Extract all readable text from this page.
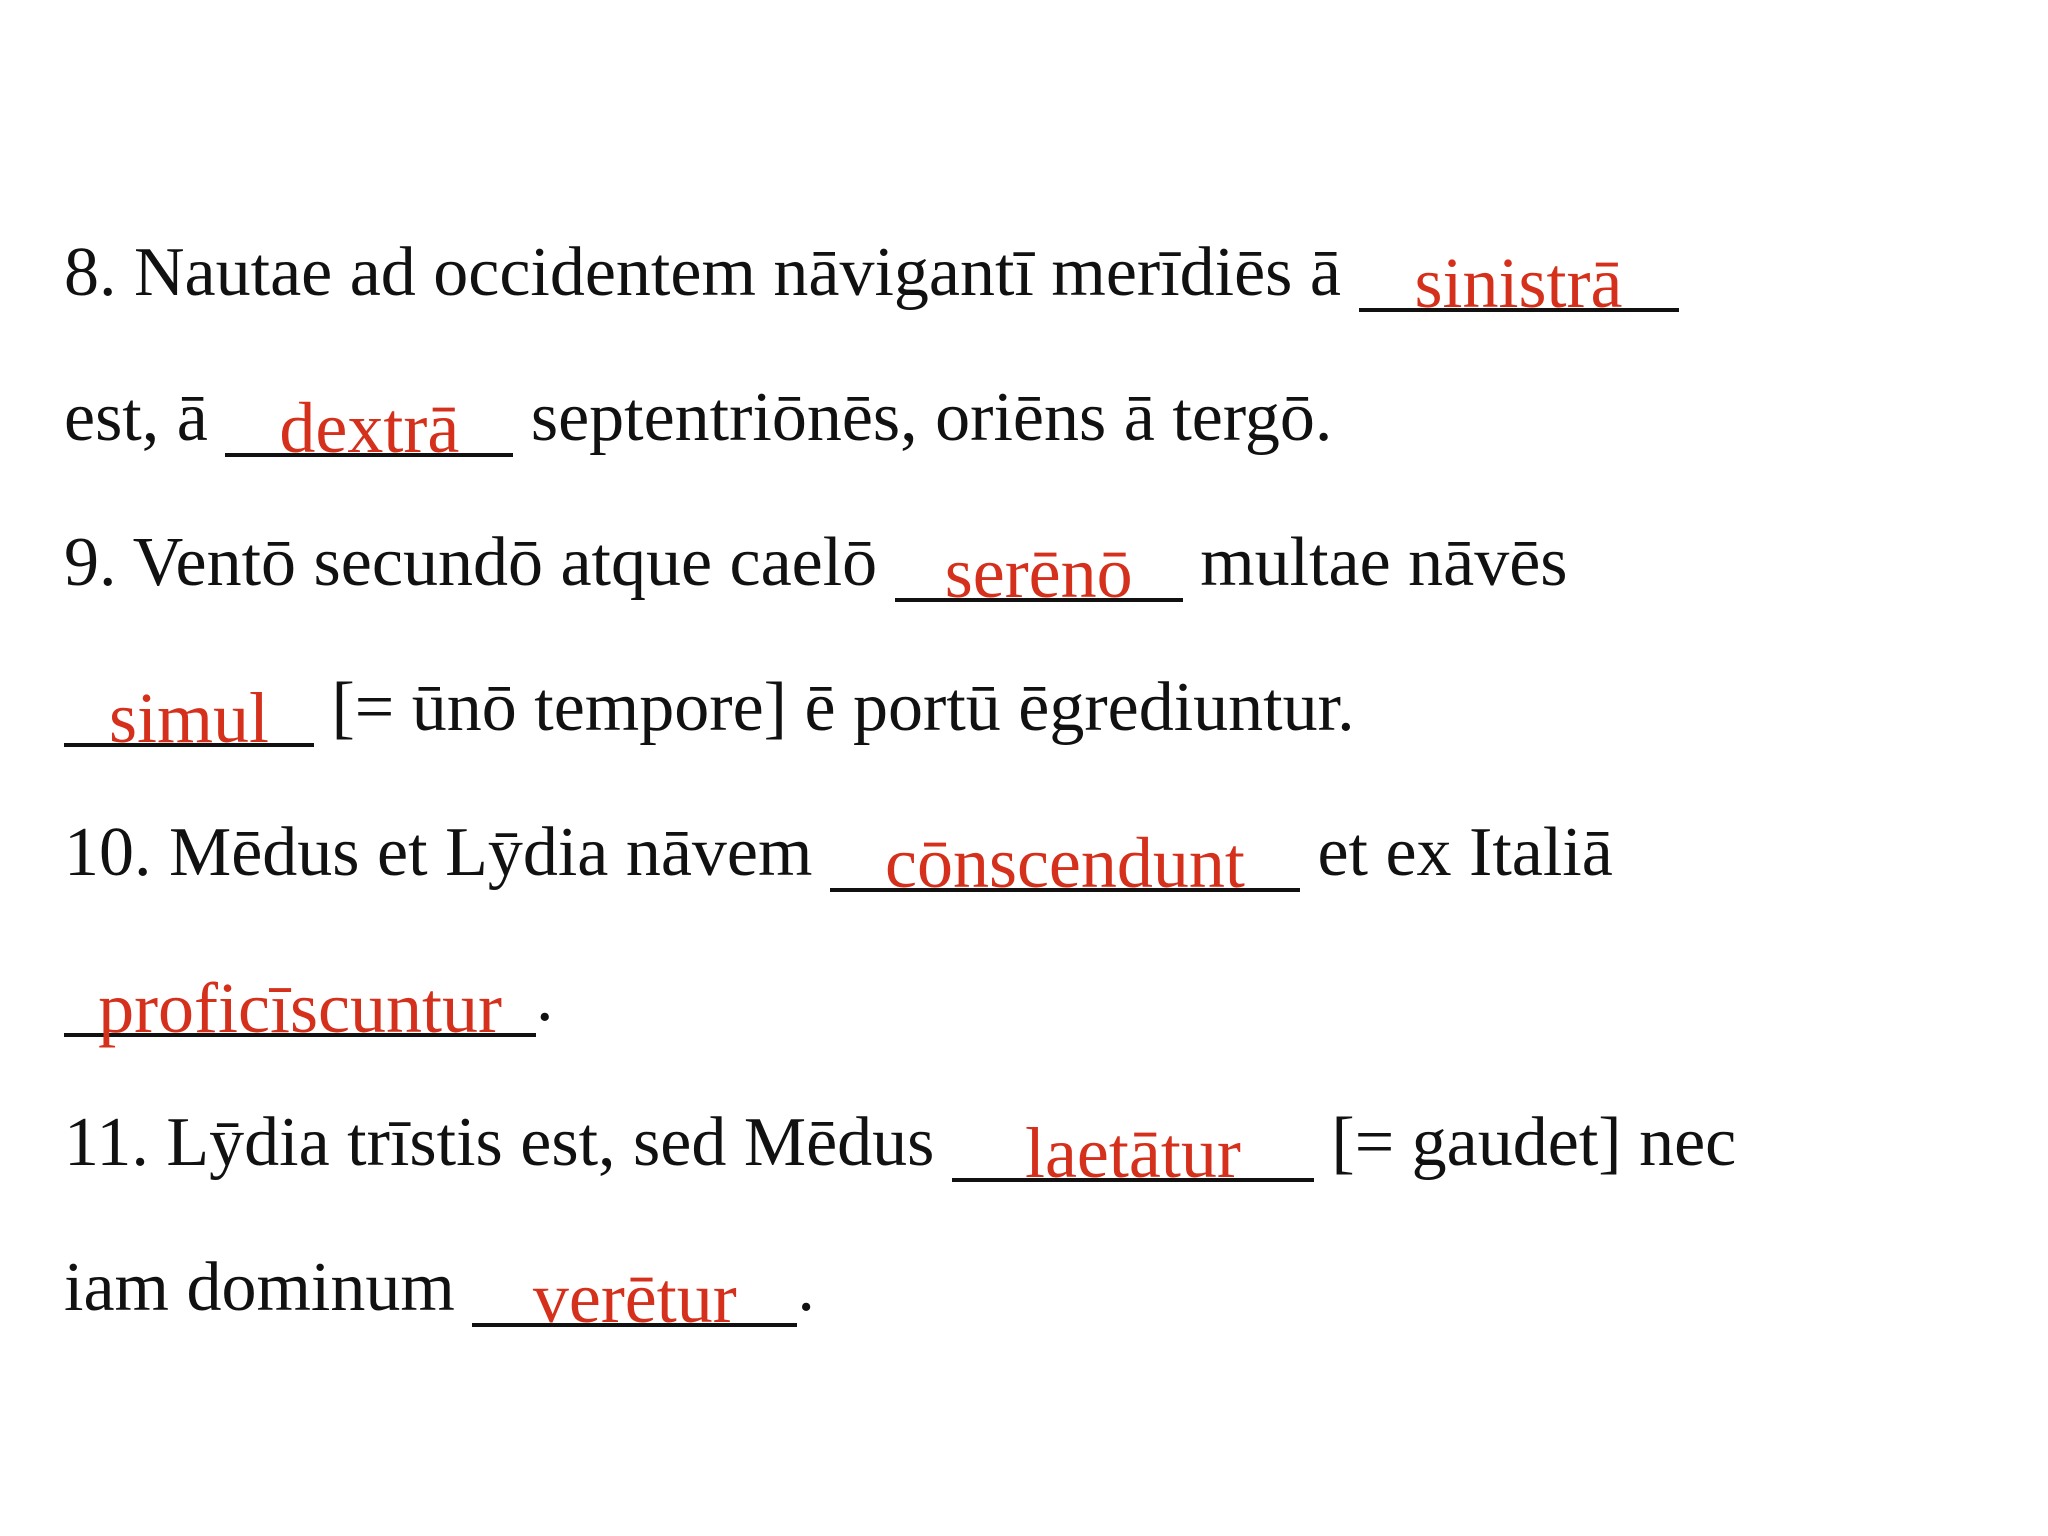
8. Nautae ad occidentem nāvigantī merīdiēs ā sinistrā
est, ā dextrā septentriōnēs, oriēns ā tergō.
9. Ventō secundō atque caelō serēnō multae nāvēs
simul [= ūnō tempore] ē portū ēgrediuntur.
10. Mēdus et Lȳdia nāvem cōnscendunt et ex Italiā
proficīscuntur .
11. Lȳdia trīstis est, sed Mēdus laetātur [= gaudet] nec
iam dominum verētur .
